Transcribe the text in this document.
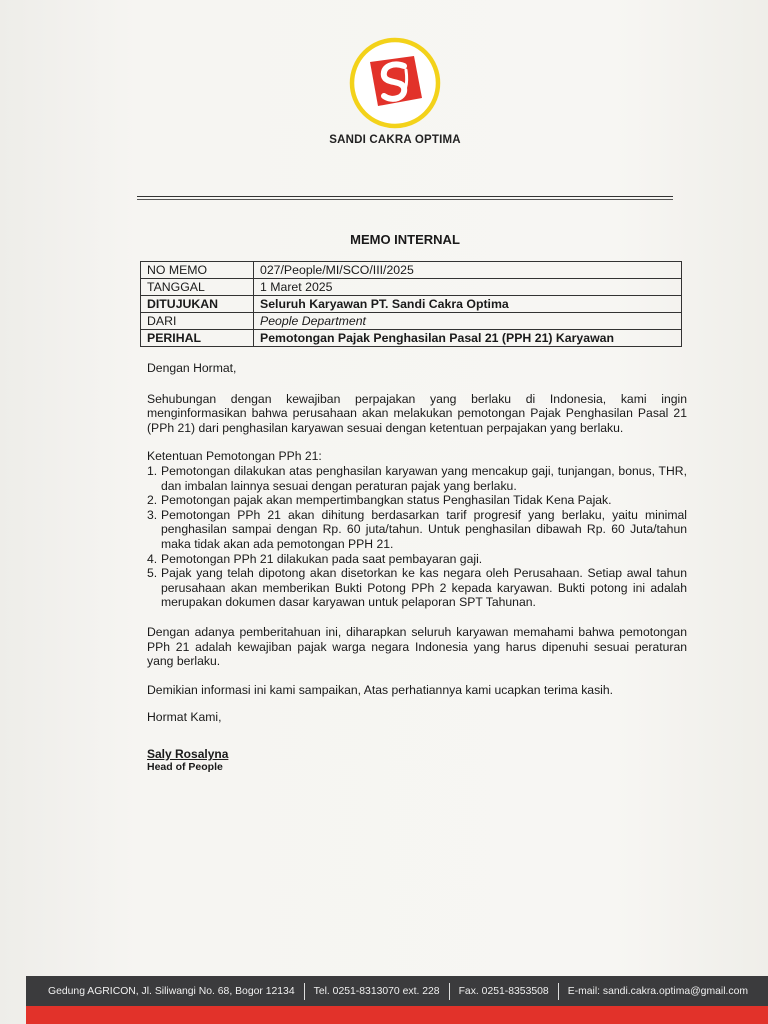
SANDI CAKRA OPTIMA
MEMO INTERNAL
NO MEMO	027/People/MI/SCO/III/2025
TANGGAL	1 Maret 2025
DITUJUKAN	Seluruh Karyawan PT. Sandi Cakra Optima
DARI	People Department
PERIHAL	Pemotongan Pajak Penghasilan Pasal 21 (PPH 21) Karyawan

Dengan Hormat,

Sehubungan dengan kewajiban perpajakan yang berlaku di Indonesia, kami ingin menginformasikan bahwa perusahaan akan melakukan pemotongan Pajak Penghasilan Pasal 21 (PPh 21) dari penghasilan karyawan sesuai dengan ketentuan perpajakan yang berlaku.

Ketentuan Pemotongan PPh 21:

1. Pemotongan dilakukan atas penghasilan karyawan yang mencakup gaji, tunjangan, bonus, THR, dan imbalan lainnya sesuai dengan peraturan pajak yang berlaku.
2. Pemotongan pajak akan mempertimbangkan status Penghasilan Tidak Kena Pajak.
3. Pemotongan PPh 21 akan dihitung berdasarkan tarif progresif yang berlaku, yaitu minimal penghasilan sampai dengan Rp. 60 juta/tahun. Untuk penghasilan dibawah Rp. 60 Juta/tahun maka tidak akan ada pemotongan PPH 21.
4. Pemotongan PPh 21 dilakukan pada saat pembayaran gaji.
5. Pajak yang telah dipotong akan disetorkan ke kas negara oleh Perusahaan. Setiap awal tahun perusahaan akan memberikan Bukti Potong PPh 2 kepada karyawan. Bukti potong ini adalah merupakan dokumen dasar karyawan untuk pelaporan SPT Tahunan.

Dengan adanya pemberitahuan ini, diharapkan seluruh karyawan memahami bahwa pemotongan PPh 21 adalah kewajiban pajak warga negara Indonesia yang harus dipenuhi sesuai peraturan yang berlaku.

Demikian informasi ini kami sampaikan, Atas perhatiannya kami ucapkan terima kasih.

Hormat Kami,

Saly Rosalyna

Head of People

Gedung AGRICON, Jl. Siliwangi No. 68, Bogor 12134 Tel. 0251-8313070 ext. 228 Fax. 0251-8353508 E-mail: sandi.cakra.optima@gmail.com
